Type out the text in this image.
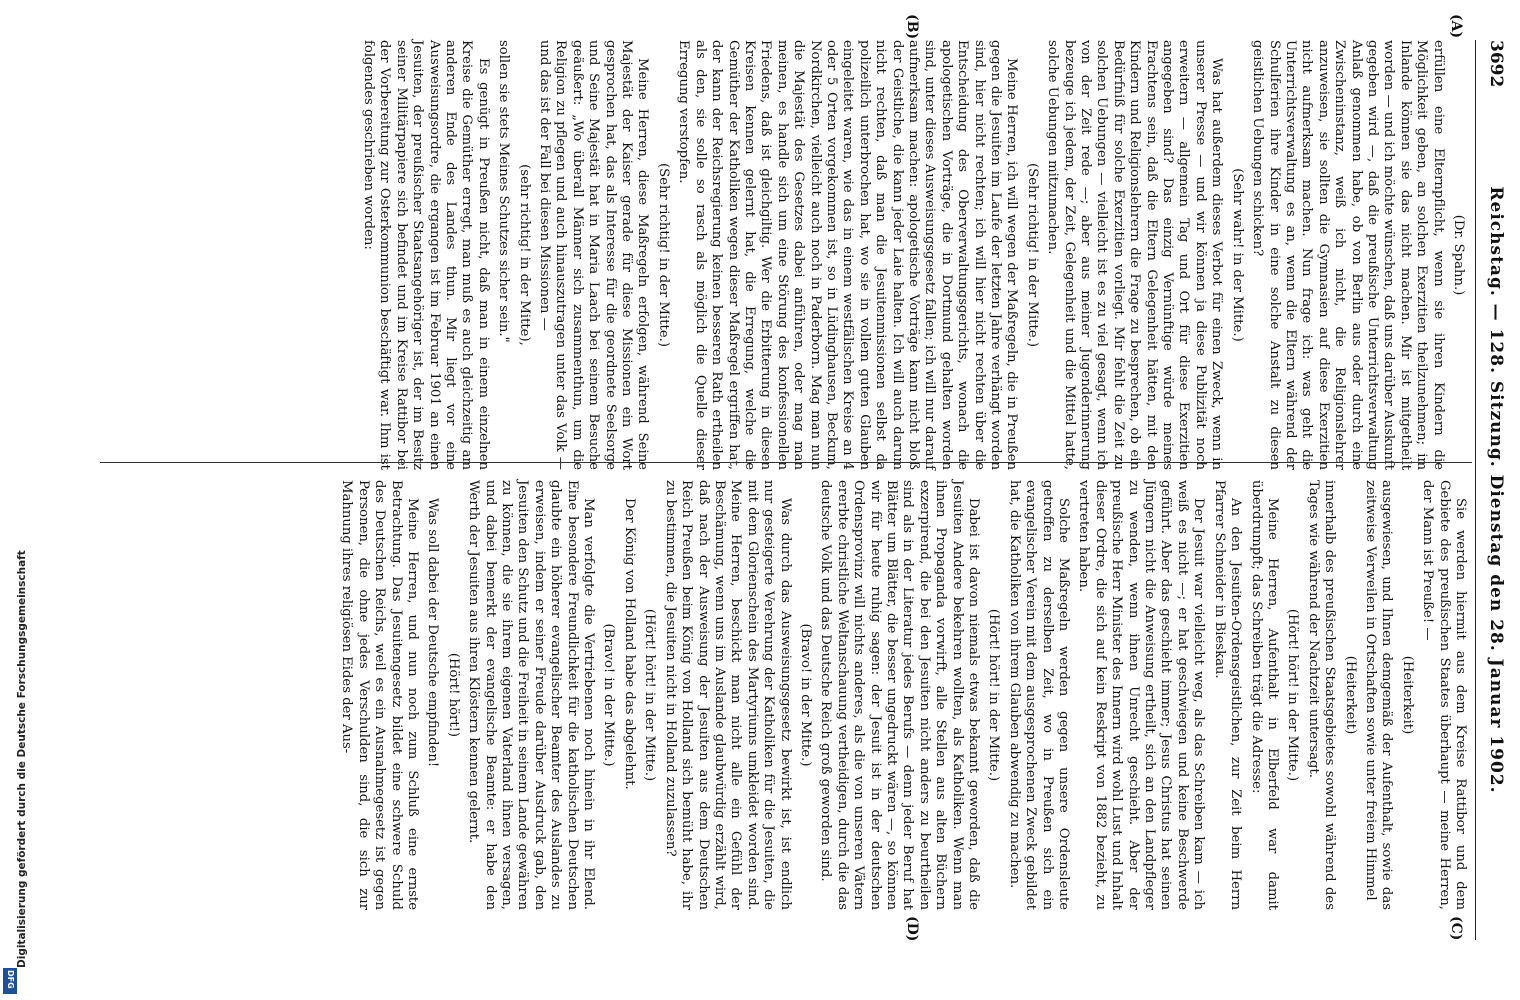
3692
Reichstag. — 128. Sitzung. Dienstag den 28. Januar 1902.
(A)
(B)
(C)
(D)

(Dr. Spahn.)

erfüllen eine Elternpflicht, wenn sie ihren Kindern die Möglichkeit geben, an solchen Exerzitien theilzunehmen; im Inlande können sie das nicht machen. Mir ist mitgetheilt worden — und ich möchte wünschen, daß uns darüber Auskunft gegeben wird —, daß die preußische Unterrichtsverwaltung Anlaß genommen habe, ob von Berlin aus oder durch eine Zwischeninstanz, weiß ich nicht, die Religionslehrer anzuweisen, sie sollten die Gymnasien auf diese Exerzitien nicht aufmerksam machen. Nun frage ich: was geht die Unterrichtsverwaltung es an, wenn die Eltern während der Schulferien ihre Kinder in eine solche Anstalt zu diesen geistlichen Uebungen schicken?

(Sehr wahr! in der Mitte.)

Was hat außerdem dieses Verbot für einen Zweck, wenn in unserer Presse — und wir können ja diese Publizität noch erweitern — allgemein Tag und Ort für diese Exerzitien angegeben sind? Das einzig Vernünftige würde meines Erachtens sein, daß die Eltern Gelegenheit hätten, mit den Kindern und Religionslehrern die Frage zu besprechen, ob ein Bedürfniß für solche Exerzitien vorliegt. Mir fehlt die Zeit zu solchen Uebungen — vielleicht ist es zu viel gesagt, wenn ich von der Zeit rede —; aber aus meiner Jugenderinnerung bezeuge ich jedem, der Zeit, Gelegenheit und die Mittel hatte, solche Uebungen mitzumachen.

(Sehr richtig! in der Mitte.)

Meine Herren, ich will wegen der Maßregeln, die in Preußen gegen die Jesuiten im Laufe der letzten Jahre verhängt worden sind, hier nicht rechten; ich will hier nicht rechten über die Entscheidung des Oberverwaltungsgerichts, wonach die apologetischen Vorträge, die in Dortmund gehalten worden sind, unter dieses Ausweisungsgesetz fallen; ich will nur darauf aufmerksam machen: apologetische Vorträge kann nicht bloß der Geistliche, die kann jeder Laie halten. Ich will auch darum nicht rechten, daß man die Jesuitenmissionen selbst da polizeilich unterbrochen hat, wo sie in vollem guten Glauben eingeleitet waren, wie das in einem westfälischen Kreise an 4 oder 5 Orten vorgekommen ist, so in Lüdinghausen, Beckum, Nordkirchen, vielleicht auch noch in Paderborn. Mag man nun die Majestät des Gesetzes dabei anführen, oder mag man meinen, es handle sich um eine Störung des konfessionellen Friedens, daß ist gleichgiltig. Wer die Erbitterung in diesen Kreisen kennen gelernt hat, die Erregung, welche die Gemüther der Katholiken wegen dieser Maßregel ergriffen hat, der kann der Reichsregierung keinen besseren Rath ertheilen als den, sie solle so rasch als möglich die Quelle dieser Erregung verstopfen.

(Sehr richtig! in der Mitte.)

Meine Herren, diese Maßregeln erfolgen, während Seine Majestät der Kaiser gerade für diese Missionen ein Wort gesprochen hat, das als Interesse für die geordnete Seelsorge und Seine Majestät hat in Maria Laach bei seinem Besuche geäußert: „Wo überall Männer sich zusammenthun, um die Religion zu pflegen und auch hinauszutragen unter das Volk — und das ist der Fall bei diesen Missionen —

(sehr richtig! in der Mitte),

sollen sie stets Meines Schutzes sicher sein."

Es genügt in Preußen nicht, daß man in einem einzelnen Kreise die Gemüther erregt, man muß es auch gleichzeitig am anderen Ende des Landes thun. Mir liegt vor eine Ausweisungsordre, die ergangen ist im Februar 1901 an einen Jesuiten, der preußischer Staatsangehöriger ist, der im Besitz seiner Militärpapiere sich befindet und im Kreise Rattibor bei der Vorbereitung zur Osterkommunion beschäftigt war. Ihm ist folgendes geschrieben worden:

Sie werden hiermit aus dem Kreise Rattibor und dem Gebiete des preußischen Staates überhaupt — meine Herren, der Mann ist Preuße! —

(Heiterkeit)

ausgewiesen, und Ihnen demgemäß der Aufenthalt, sowie das zeitweise Verweilen in Ortschaften sowie unter freiem Himmel

(Heiterkeit)

innerhalb des preußischen Staatsgebietes sowohl während des Tages wie während der Nachtzeit untersagt.

(Hört! hört! in der Mitte.)

Meine Herren, Aufenthalt in Elberfeld war damit überdrumpft; das Schreiben trägt die Adresse:

An den Jesuiten-Ordensgeistlichen, zur Zeit beim Herrn Pfarrer Schneider in Bieskau.

Der Jesuit war vielleicht weg, als das Schreiben kam — ich weiß es nicht —; er hat geschwiegen und keine Beschwerde geführt. Aber das geschieht immer; Jesus Christus hat seinen Jüngern nicht die Anweisung ertheilt, sich an den Landpfleger zu wenden, wenn ihnen Unrecht geschieht. Aber der preußische Herr Minister des Innern wird wohl Lust und Inhalt dieser Ordre, die sich auf kein Reskript von 1882 bezieht, zu vertreten haben.

Solche Maßregeln werden gegen unsere Ordensleute getroffen zu derselben Zeit, wo in Preußen sich ein evangelischer Verein mit dem ausgesprochenen Zweck gebildet hat, die Katholiken von ihrem Glauben abwendig zu machen.

(Hört! hört! in der Mitte.)

Dabei ist davon niemals etwas bekannt geworden, daß die Jesuiten Andere bekehren wollten, als Katholiken. Wenn man ihnen Propaganda vorwirft, alle Stellen aus alten Büchern exzerpirend, die bei den Jesuiten nicht anders zu beurtheilen sind als in der Literatur jedes Berufs — denn jeder Beruf hat Blätter um Blätter, die besser ungedruckt wären —, so können wir für heute ruhig sagen: der Jesuit ist in der deutschen Ordensprovinz will nichts anderes, als die von unseren Vätern ererbte christliche Weltanschauung vertheidigen, durch die das deutsche Volk und das Deutsche Reich groß geworden sind.

(Bravo! in der Mitte.)

Was durch das Ausweisungsgesetz bewirkt ist, ist endlich nur gesteigerte Verehrung der Katholiken für die Jesuiten, die mit dem Glorienschein des Martyriums umkleidet worden sind. Meine Herren, beschickt man nicht alle ein Gefühl der Beschämung, wenn uns im Auslande glaubwürdig erzählt wird, daß nach der Ausweisung der Jesuiten aus dem Deutschen Reich Preußen beim König von Holland sich bemüht habe, ihr zu bestimmen, die Jesuiten nicht in Holland zuzulassen?

(Hört! hört! in der Mitte.)

Der König von Holland habe das abgelehnt.

(Bravo! in der Mitte.)

Man verfolgte die Vertriebenen noch hinein in ihr Elend. Eine besondere Freundlichkeit für die katholischen Deutschen glaubte ein höherer evangelischer Beamter des Auslandes zu erweisen, indem er seiner Freude darüber Ausdruck gab, den Jesuiten den Schutz und die Freiheit in seinem Lande gewähren zu können, die sie ihrem eigenen Vaterland ihnen versagen, und dabei bemerkt der evangelische Beamte: er habe den Werth der Jesuiten aus ihren Klöstern kennen gelernt.

(Hört! hört!)

Was soll dabei der Deutsche empfinden!

Meine Herren, und nun noch zum Schluß eine ernste Betrachtung. Das Jesuitengesetz bildet eine schwere Schuld des Deutschen Reichs, weil es ein Ausnahmegesetz ist gegen Personen, die ohne jedes Verschulden sind, die sich zur Mahnung ihres religiösen Eides der Aus-

Digitalisierung gefördert durch die Deutsche Forschungsgemeinschaft
DFG
